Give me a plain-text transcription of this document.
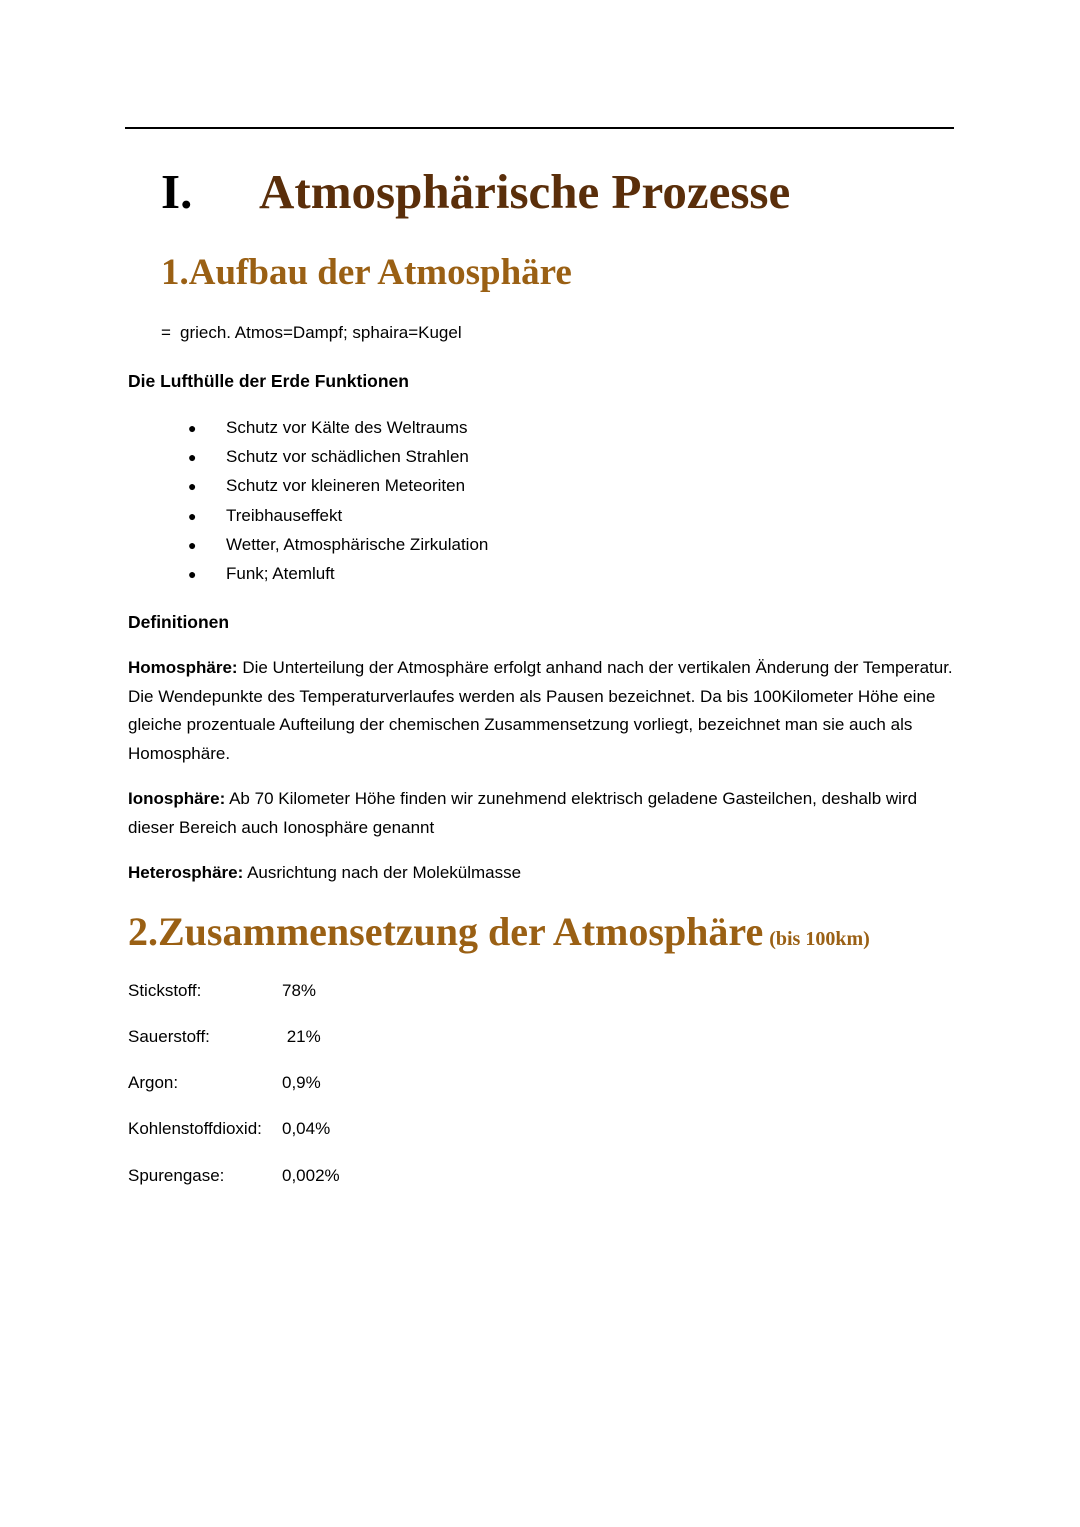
I. Atmosphärische Prozesse
1.Aufbau der Atmosphäre
= griech. Atmos=Dampf; sphaira=Kugel
Die Lufthülle der Erde Funktionen
● Schutz vor Kälte des Weltraums
● Schutz vor schädlichen Strahlen
● Schutz vor kleineren Meteoriten
● Treibhauseffekt
● Wetter, Atmosphärische Zirkulation
● Funk; Atemluft
Definitionen

Homosphäre: Die Unterteilung der Atmosphäre erfolgt anhand nach der vertikalen Änderung der Temperatur. Die Wendepunkte des Temperaturverlaufes werden als Pausen bezeichnet. Da bis 100Kilometer Höhe eine gleiche prozentuale Aufteilung der chemischen Zusammensetzung vorliegt, bezeichnet man sie auch als Homosphäre.

Ionosphäre: Ab 70 Kilometer Höhe finden wir zunehmend elektrisch geladene Gasteilchen, deshalb wird dieser Bereich auch Ionosphäre genannt

Heterosphäre: Ausrichtung nach der Molekülmasse

2.Zusammensetzung der Atmosphäre (bis 100km)
Stickstoff:	78%
Sauerstoff:	21%
Argon:	0,9%
Kohlenstoffdioxid: 0,04%
Spurengase:	0,002%
